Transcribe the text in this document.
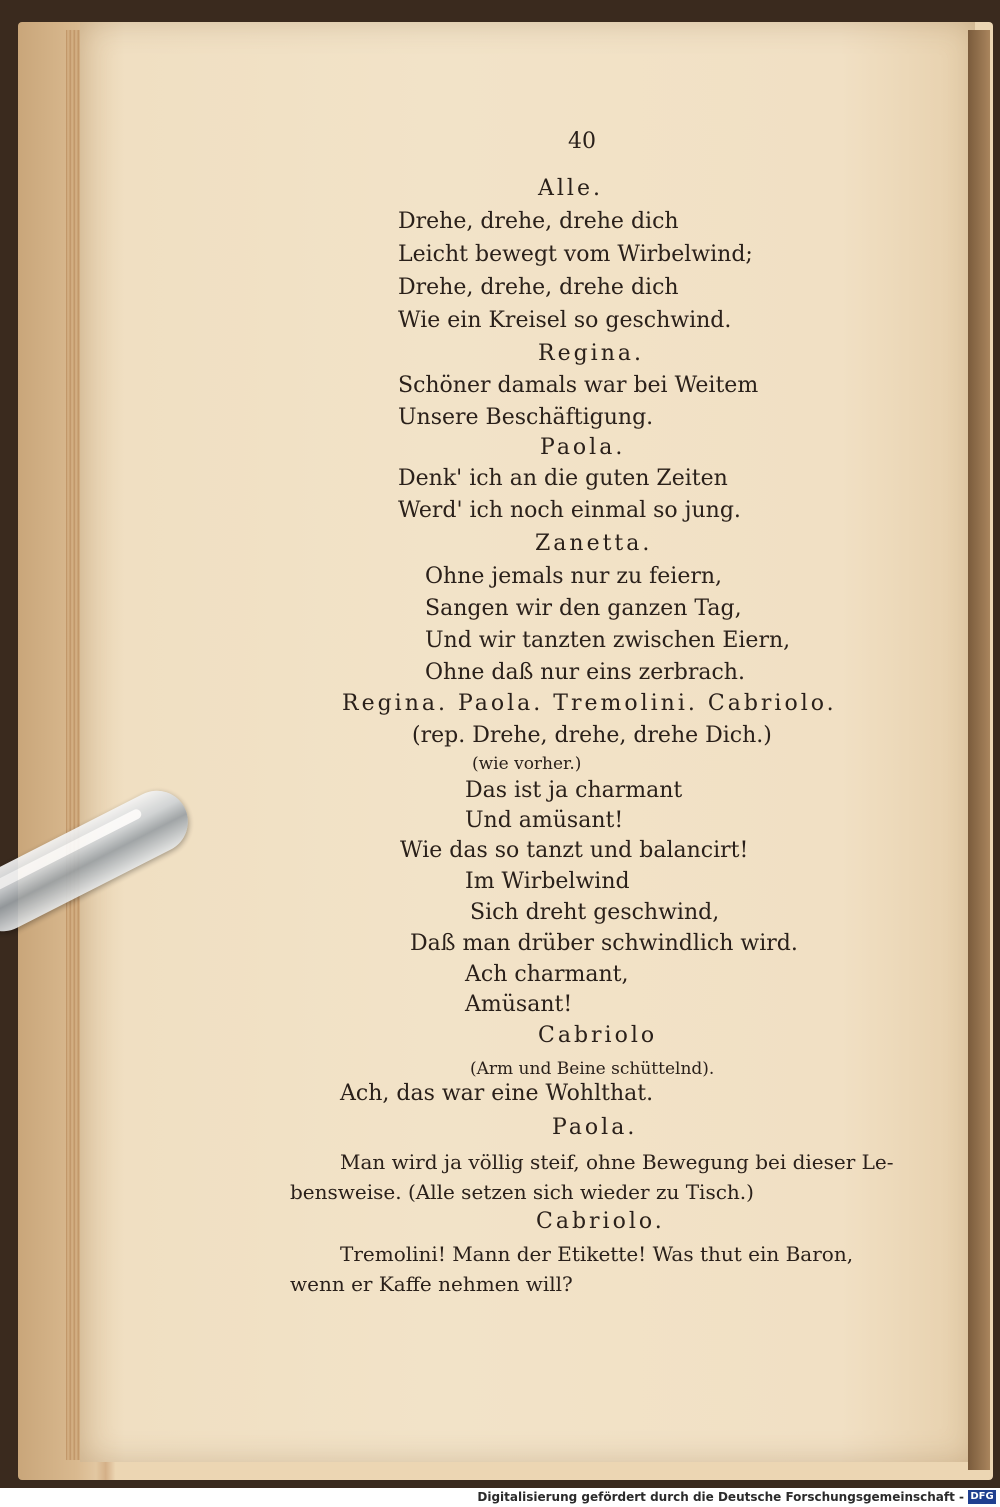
40
Alle.
Drehe, drehe, drehe dich
Leicht bewegt vom Wirbelwind;
Drehe, drehe, drehe dich
Wie ein Kreisel so geschwind.
Regina.
Schöner damals war bei Weitem
Unsere Beschäftigung.
Paola.
Denk' ich an die guten Zeiten
Werd' ich noch einmal so jung.
Zanetta.
Ohne jemals nur zu feiern,
Sangen wir den ganzen Tag,
Und wir tanzten zwischen Eiern,
Ohne daß nur eins zerbrach.
Regina. Paola. Tremolini. Cabriolo.
(rep. Drehe, drehe, drehe Dich.)
(wie vorher.)
Das ist ja charmant
Und amüsant!
Wie das so tanzt und balancirt!
Im Wirbelwind
Sich dreht geschwind,
Daß man drüber schwindlich wird.
Ach charmant,
Amüsant!
Cabriolo
(Arm und Beine schüttelnd).
Ach, das war eine Wohlthat.
Paola.
Man wird ja völlig steif, ohne Bewegung bei dieser Le-
bensweise. (Alle setzen sich wieder zu Tisch.)
Cabriolo.
Tremolini! Mann der Etikette! Was thut ein Baron,
wenn er Kaffe nehmen will?
Digitalisierung gefördert durch die Deutsche Forschungsgemeinschaft - DFG
